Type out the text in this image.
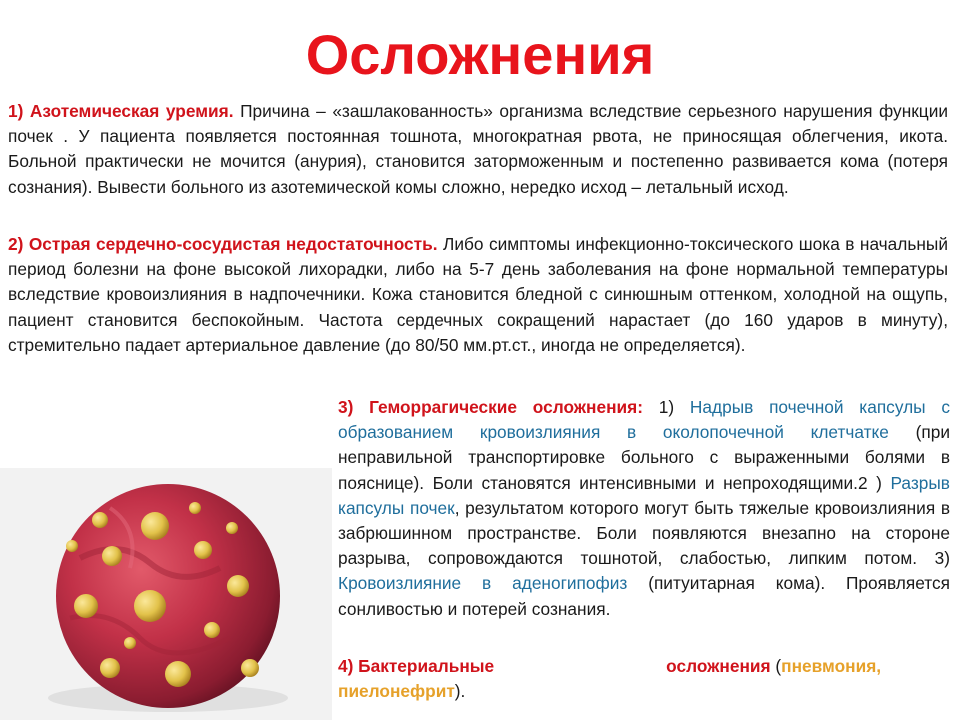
Осложнения

1) Азотемическая уремия. Причина – «зашлакованность» организма вследствие серьезного нарушения функции почек . У пациента появляется постоянная тошнота, многократная рвота, не приносящая облегчения, икота. Больной практически не мочится (анурия), становится заторможенным и постепенно развивается кома (потеря сознания). Вывести больного из азотемической комы сложно, нередко исход – летальный исход.

2) Острая сердечно-сосудистая недостаточность. Либо симптомы инфекционно-токсического шока в начальный период болезни на фоне высокой лихорадки, либо на 5-7 день заболевания на фоне нормальной температуры вследствие кровоизлияния в надпочечники. Кожа становится бледной с синюшным оттенком, холодной на ощупь, пациент становится беспокойным. Частота сердечных сокращений нарастает (до 160 ударов в минуту), стремительно падает артериальное давление (до 80/50 мм.рт.ст., иногда не определяется).

3) Геморрагические осложнения: 1) Надрыв почечной капсулы с образованием кровоизлияния в околопочечной клетчатке (при неправильной транспортировке больного с выраженными болями в пояснице). Боли становятся интенсивными и непроходящими.2 ) Разрыв капсулы почек, результатом которого могут быть тяжелые кровоизлияния в забрюшинном пространстве. Боли появляются внезапно на стороне разрыва, сопровождаются тошнотой, слабостью, липким потом. 3) Кровоизлияние в аденогипофиз (питуитарная кома). Проявляется сонливостью и потерей сознания.

4) Бактериальные	осложнения (пневмония,
пиелонефрит).
